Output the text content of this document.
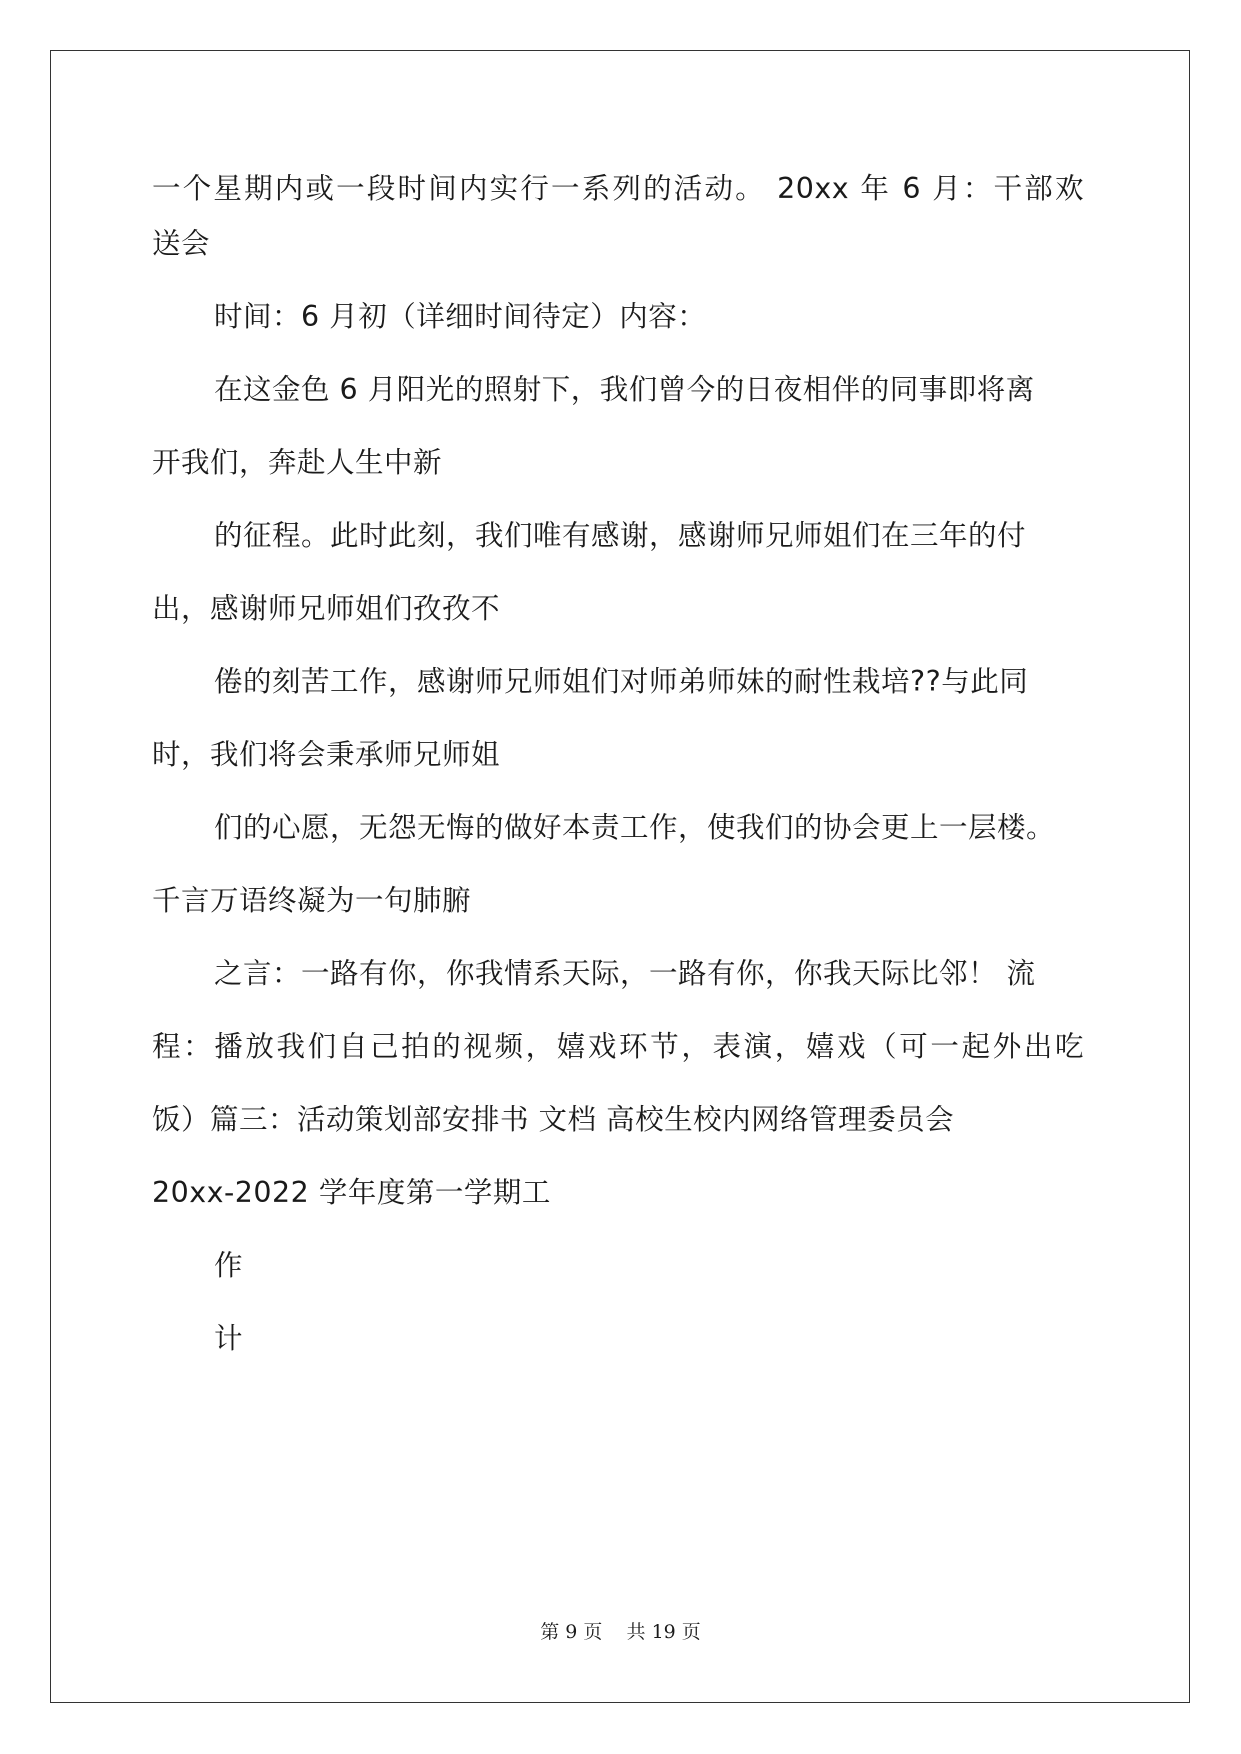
一个星期内或一段时间内实行一系列的活动。 20xx 年 6 月：干部欢
送会
时间：6 月初（详细时间待定）内容：
在这金色 6 月阳光的照射下，我们曾今的日夜相伴的同事即将离
开我们，奔赴人生中新
的征程。此时此刻，我们唯有感谢，感谢师兄师姐们在三年的付
出，感谢师兄师姐们孜孜不
倦的刻苦工作，感谢师兄师姐们对师弟师妹的耐性栽培??与此同
时，我们将会秉承师兄师姐
们的心愿，无怨无悔的做好本责工作，使我们的协会更上一层楼。
千言万语终凝为一句肺腑
之言：一路有你，你我情系天际，一路有你，你我天际比邻！ 流
程：播放我们自己拍的视频，嬉戏环节，表演，嬉戏（可一起外出吃
饭）篇三：活动策划部安排书 文档 高校生校内网络管理委员会
20xx-2022 学年度第一学期工
作
计
第 9 页    共 19 页
